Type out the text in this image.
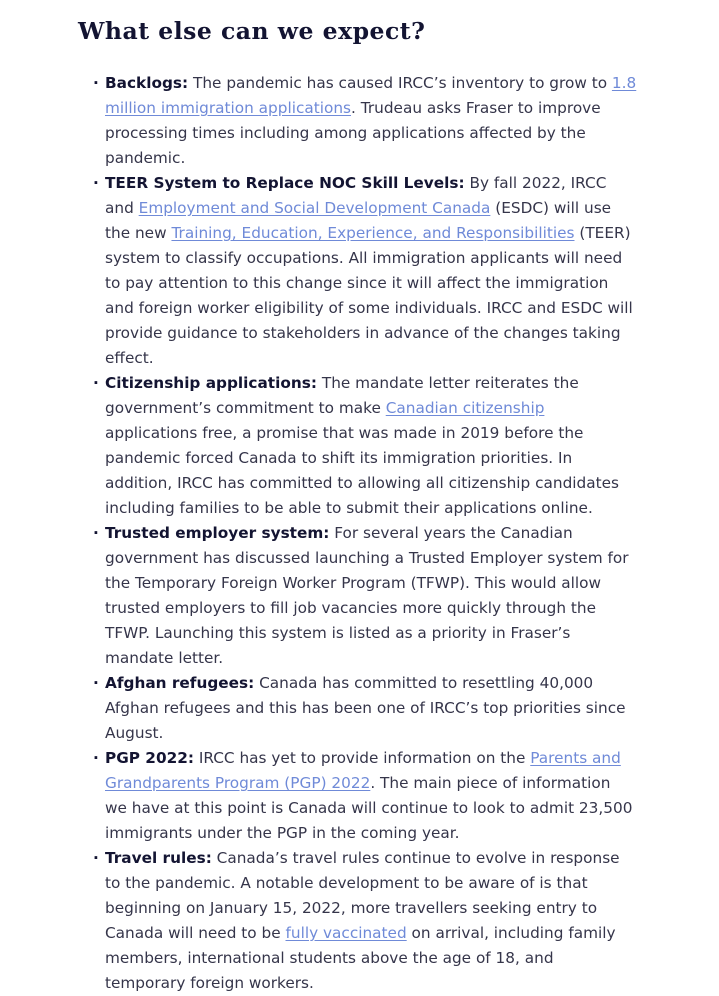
What else can we expect?
· Backlogs: The pandemic has caused IRCC’s inventory to grow to 1.8 million immigration applications. Trudeau asks Fraser to improve processing times including among applications affected by the pandemic.
· TEER System to Replace NOC Skill Levels: By fall 2022, IRCC and Employment and Social Development Canada (ESDC) will use the new Training, Education, Experience, and Responsibilities (TEER) system to classify occupations. All immigration applicants will need to pay attention to this change since it will affect the immigration and foreign worker eligibility of some individuals. IRCC and ESDC will provide guidance to stakeholders in advance of the changes taking effect.
· Citizenship applications: The mandate letter reiterates the government’s commitment to make Canadian citizenship applications free, a promise that was made in 2019 before the pandemic forced Canada to shift its immigration priorities. In addition, IRCC has committed to allowing all citizenship candidates including families to be able to submit their applications online.
· Trusted employer system: For several years the Canadian government has discussed launching a Trusted Employer system for the Temporary Foreign Worker Program (TFWP). This would allow trusted employers to fill job vacancies more quickly through the TFWP. Launching this system is listed as a priority in Fraser’s mandate letter.
· Afghan refugees: Canada has committed to resettling 40,000 Afghan refugees and this has been one of IRCC’s top priorities since August.
· PGP 2022: IRCC has yet to provide information on the Parents and Grandparents Program (PGP) 2022. The main piece of information we have at this point is Canada will continue to look to admit 23,500 immigrants under the PGP in the coming year.
· Travel rules: Canada’s travel rules continue to evolve in response to the pandemic. A notable development to be aware of is that beginning on January 15, 2022, more travellers seeking entry to Canada will need to be fully vaccinated on arrival, including family members, international students above the age of 18, and temporary foreign workers.
